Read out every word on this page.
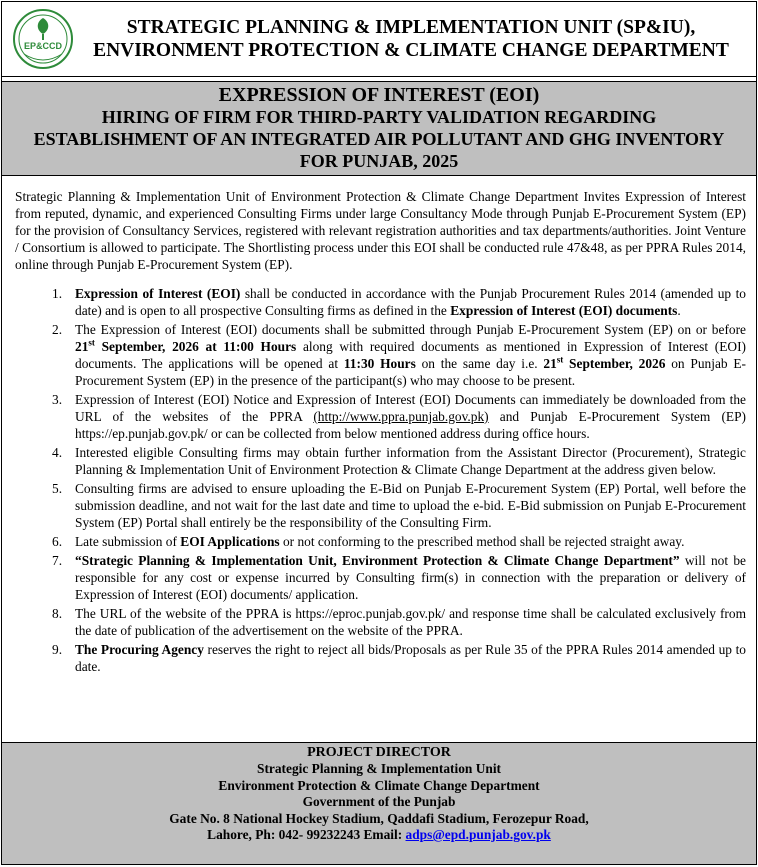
EP&CCD
STRATEGIC PLANNING & IMPLEMENTATION UNIT (SP&IU),
ENVIRONMENT PROTECTION & CLIMATE CHANGE DEPARTMENT
EXPRESSION OF INTEREST (EOI)
HIRING OF FIRM FOR THIRD-PARTY VALIDATION REGARDING
ESTABLISHMENT OF AN INTEGRATED AIR POLLUTANT AND GHG INVENTORY
FOR PUNJAB, 2025

Strategic Planning & Implementation Unit of Environment Protection & Climate Change Department Invites Expression of Interest from reputed, dynamic, and experienced Consulting Firms under large Consultancy Mode through Punjab E-Procurement System (EP) for the provision of Consultancy Services, registered with relevant registration authorities and tax departments/authorities. Joint Venture / Consortium is allowed to participate. The Shortlisting process under this EOI shall be conducted rule 47&48, as per PPRA Rules 2014, online through Punjab E-Procurement System (EP).

1. Expression of Interest (EOI) shall be conducted in accordance with the Punjab Procurement Rules 2014 (amended up to date) and is open to all prospective Consulting firms as defined in the Expression of Interest (EOI) documents.
2. The Expression of Interest (EOI) documents shall be submitted through Punjab E-Procurement System (EP) on or before 21st September, 2026 at 11:00 Hours along with required documents as mentioned in Expression of Interest (EOI) documents. The applications will be opened at 11:30 Hours on the same day i.e. 21st September, 2026 on Punjab E-Procurement System (EP) in the presence of the participant(s) who may choose to be present.
3. Expression of Interest (EOI) Notice and Expression of Interest (EOI) Documents can immediately be downloaded from the URL of the websites of the PPRA (http://www.ppra.punjab.gov.pk) and Punjab E-Procurement System (EP) https://ep.punjab.gov.pk/ or can be collected from below mentioned address during office hours.
4. Interested eligible Consulting firms may obtain further information from the Assistant Director (Procurement), Strategic Planning & Implementation Unit of Environment Protection & Climate Change Department at the address given below.
5. Consulting firms are advised to ensure uploading the E-Bid on Punjab E-Procurement System (EP) Portal, well before the submission deadline, and not wait for the last date and time to upload the e-bid. E-Bid submission on Punjab E-Procurement System (EP) Portal shall entirely be the responsibility of the Consulting Firm.
6. Late submission of EOI Applications or not conforming to the prescribed method shall be rejected straight away.
7. “Strategic Planning & Implementation Unit, Environment Protection & Climate Change Department” will not be responsible for any cost or expense incurred by Consulting firm(s) in connection with the preparation or delivery of Expression of Interest (EOI) documents/ application.
8. The URL of the website of the PPRA is https://eproc.punjab.gov.pk/ and response time shall be calculated exclusively from the date of publication of the advertisement on the website of the PPRA.
9. The Procuring Agency reserves the right to reject all bids/Proposals as per Rule 35 of the PPRA Rules 2014 amended up to date.
PROJECT DIRECTOR
Strategic Planning & Implementation Unit
Environment Protection & Climate Change Department
Government of the Punjab
Gate No. 8 National Hockey Stadium, Qaddafi Stadium, Ferozepur Road,
Lahore, Ph: 042- 99232243 Email: adps@epd.punjab.gov.pk
